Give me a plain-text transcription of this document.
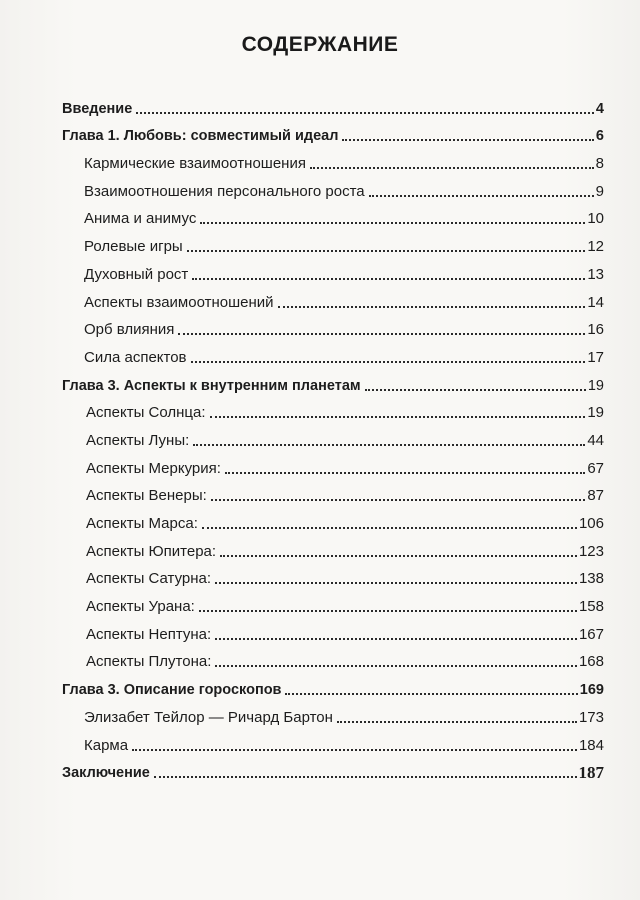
СОДЕРЖАНИЕ
Введение	4
Глава 1. Любовь: совместимый идеал	6
Кармические взаимоотношения	8
Взаимоотношения персонального роста	9
Анима и анимус	10
Ролевые игры	12
Духовный рост	13
Аспекты взаимоотношений	14
Орб влияния	16
Сила аспектов	17
Глава 3. Аспекты к внутренним планетам	19
Аспекты Солнца:	19
Аспекты Луны:	44
Аспекты Меркурия:	67
Аспекты Венеры:	87
Аспекты Марса:	106
Аспекты Юпитера:	123
Аспекты Сатурна:	138
Аспекты Урана:	158
Аспекты Нептуна:	167
Аспекты Плутона:	168
Глава 3. Описание гороскопов	169
Элизабет Тейлор — Ричард Бартон	173
Карма	184
Заключение	187
